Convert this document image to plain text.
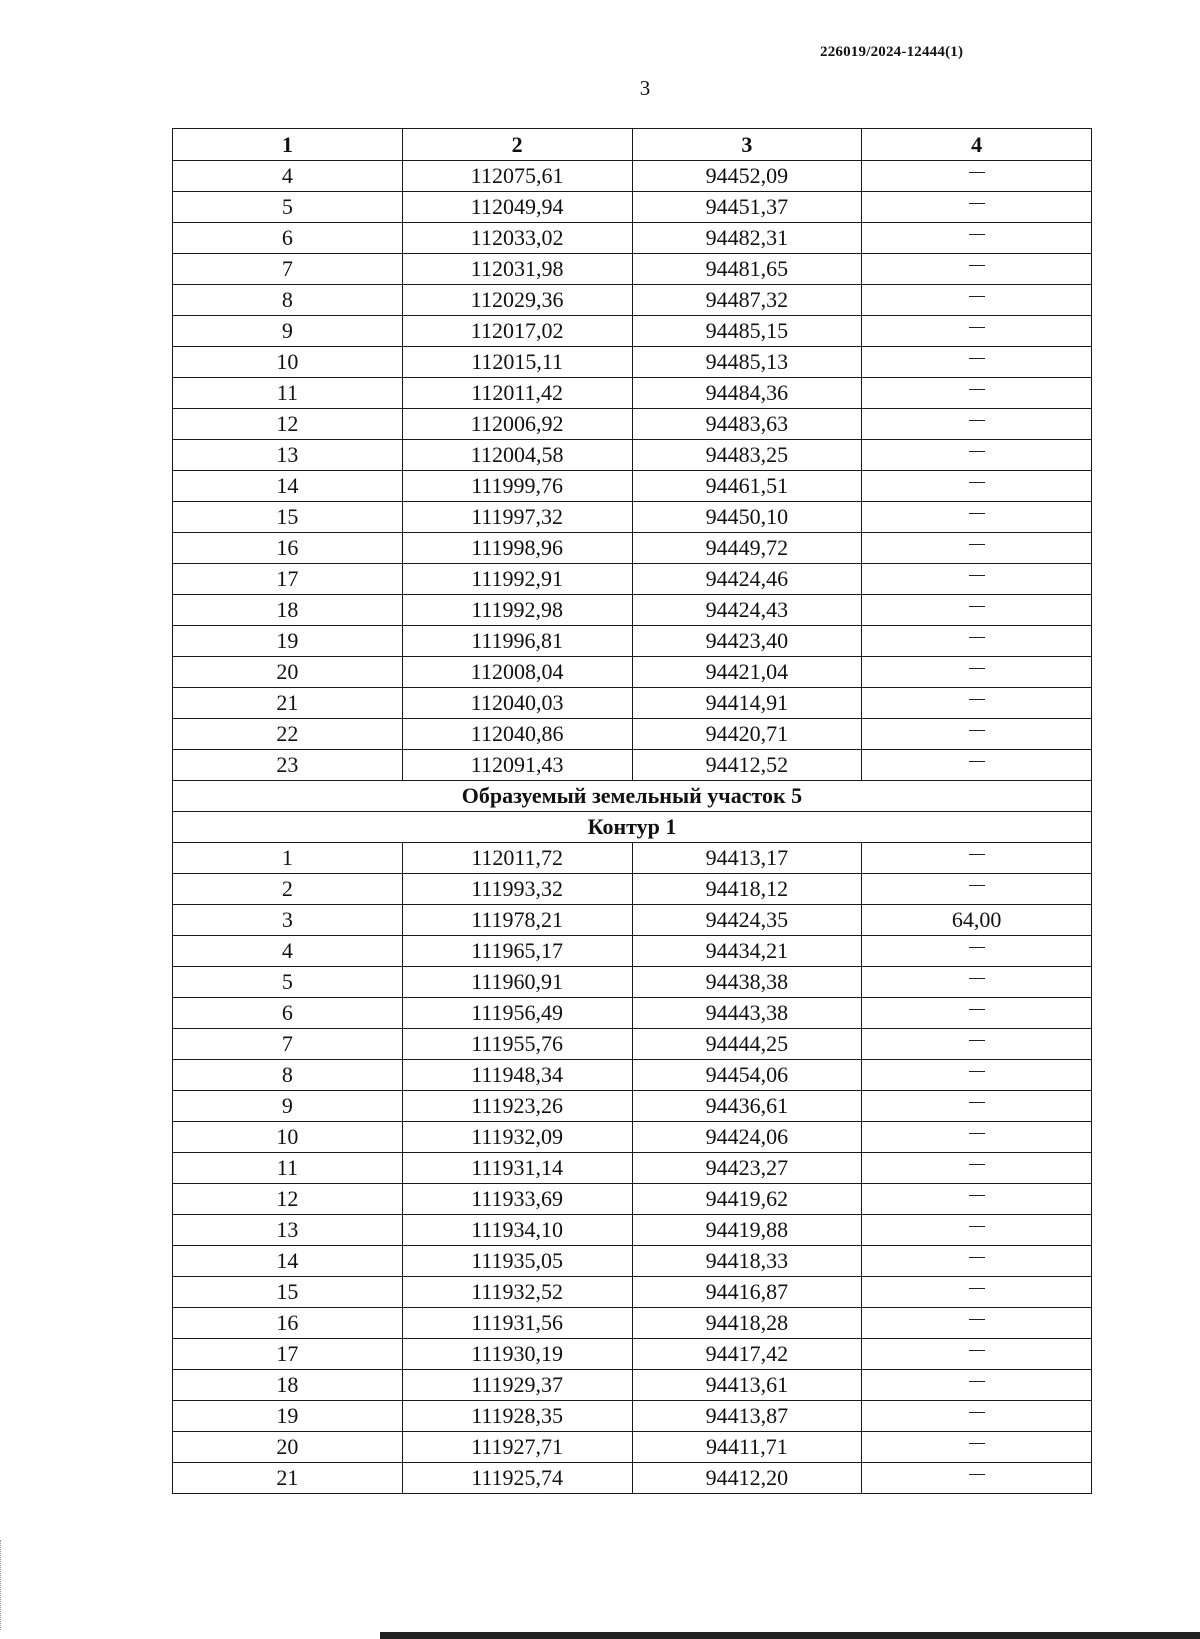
226019/2024-12444(1)
3
1	2	3	4
4	112075,61	94452,09	
5	112049,94	94451,37	
6	112033,02	94482,31	
7	112031,98	94481,65	
8	112029,36	94487,32	
9	112017,02	94485,15	
10	112015,11	94485,13	
11	112011,42	94484,36	
12	112006,92	94483,63	
13	112004,58	94483,25	
14	111999,76	94461,51	
15	111997,32	94450,10	
16	111998,96	94449,72	
17	111992,91	94424,46	
18	111992,98	94424,43	
19	111996,81	94423,40	
20	112008,04	94421,04	
21	112040,03	94414,91	
22	112040,86	94420,71	
23	112091,43	94412,52	
Образуемый земельный участок 5			
Контур 1			
1	112011,72	94413,17	
2	111993,32	94418,12	
3	111978,21	94424,35	64,00
4	111965,17	94434,21	
5	111960,91	94438,38	
6	111956,49	94443,38	
7	111955,76	94444,25	
8	111948,34	94454,06	
9	111923,26	94436,61	
10	111932,09	94424,06	
11	111931,14	94423,27	
12	111933,69	94419,62	
13	111934,10	94419,88	
14	111935,05	94418,33	
15	111932,52	94416,87	
16	111931,56	94418,28	
17	111930,19	94417,42	
18	111929,37	94413,61	
19	111928,35	94413,87	
20	111927,71	94411,71	
21	111925,74	94412,20	
